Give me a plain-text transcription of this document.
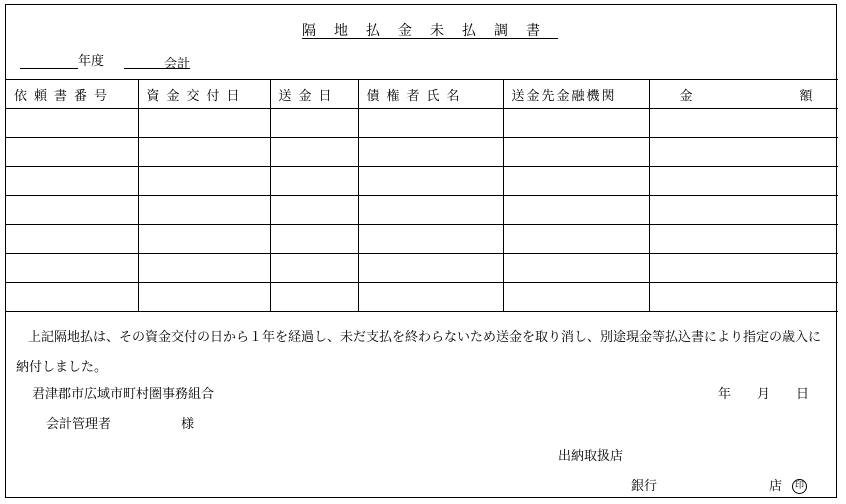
隔地払金未払調書
年度	会計
依頼書番号	資金交付日	送金日	債権者氏名	送金先金融機関	金 額

上記隔地払は、その資金交付の日から１年を経過し、未だ支払を終わらないため送金を取り消し、別途現金等払込書により指定の歳入に納付しました。
君津郡市広域市町村圏事務組合	年 月 日
会計管理者	様
出納取扱店
銀行	店 印
